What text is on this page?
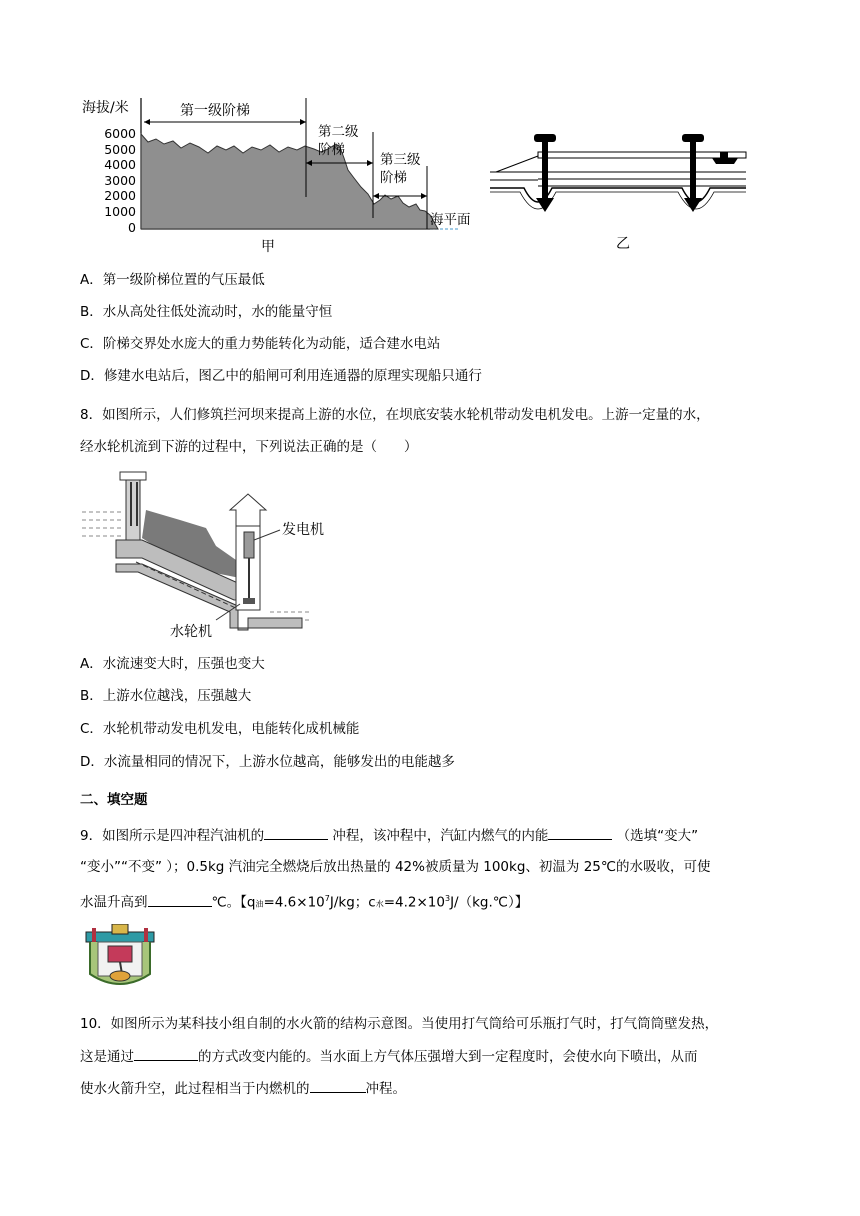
海拔/米
6000
5000
4000
3000
2000
1000
0
第一级阶梯
第二级
阶梯
第三级
阶梯
海平面
甲	乙
A．第一级阶梯位置的气压最低
B．水从高处往低处流动时，水的能量守恒
C．阶梯交界处水庞大的重力势能转化为动能，适合建水电站
D．修建水电站后，图乙中的船闸可利用连通器的原理实现船只通行
8．如图所示，人们修筑拦河坝来提高上游的水位，在坝底安装水轮机带动发电机发电。上游一定量的水，
经水轮机流到下游的过程中，下列说法正确的是（　　）
发电机
水轮机
A．水流速变大时，压强也变大
B．上游水位越浅，压强越大
C．水轮机带动发电机发电，电能转化成机械能
D．水流量相同的情况下，上游水位越高，能够发出的电能越多
二、填空题
9．如图所示是四冲程汽油机的	冲程，该冲程中，汽缸内燃气的内能	（选填“变大”
“变小”“不变” ）；0.5kg 汽油完全燃烧后放出热量的 42%被质量为 100kg、初温为 25℃的水吸收，可使
水温升高到	℃。【q油$=4.6\times 10^7J/kg$；c水$=4.2\times 10^3J/(kg.℃)$】
10．如图所示为某科技小组自制的水火箭的结构示意图。当使用打气筒给可乐瓶打气时，打气筒筒壁发热，
这是通过	的方式改变内能的。当水面上方气体压强增大到一定程度时，会使水向下喷出，从而
使水火箭升空，此过程相当于内燃机的	冲程。
